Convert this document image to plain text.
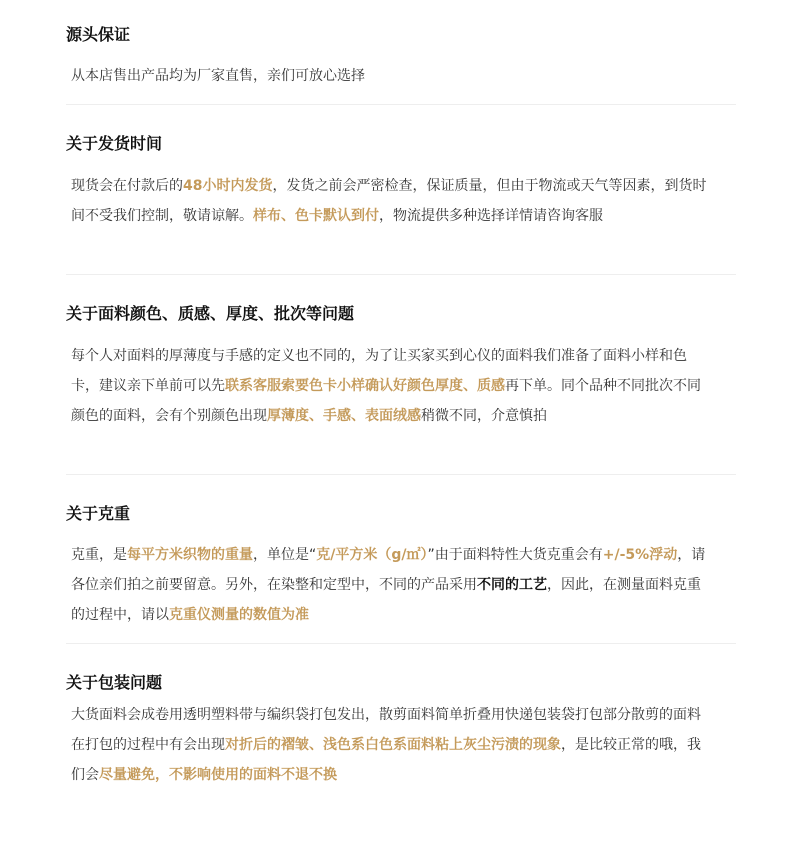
源头保证
从本店售出产品均为厂家直售，亲们可放心选择
关于发货时间
现货会在付款后的48小时内发货，发货之前会严密检查，保证质量，但由于物流或天气等因素，到货时间不受我们控制，敬请谅解。样布、色卡默认到付，物流提供多种选择详情请咨询客服
关于面料颜色、质感、厚度、批次等问题
每个人对面料的厚薄度与手感的定义也不同的，为了让买家买到心仪的面料我们准备了面料小样和色卡，建议亲下单前可以先联系客服索要色卡小样确认好颜色厚度、质感再下单。同个品种不同批次不同颜色的面料，会有个别颜色出现厚薄度、手感、表面绒感稍微不同，介意慎拍
关于克重
克重，是每平方米织物的重量，单位是“克/平方米（g/㎡）”由于面料特性大货克重会有+/-5%浮动，请各位亲们拍之前要留意。另外，在染整和定型中，不同的产品采用不同的工艺，因此，在测量面料克重的过程中，请以克重仪测量的数值为准
关于包装问题
大货面料会成卷用透明塑料带与编织袋打包发出，散剪面料简单折叠用快递包装袋打包部分散剪的面料在打包的过程中有会出现对折后的褶皱、浅色系白色系面料粘上灰尘污渍的现象，是比较正常的哦，我们会尽量避免，不影响使用的面料不退不换
